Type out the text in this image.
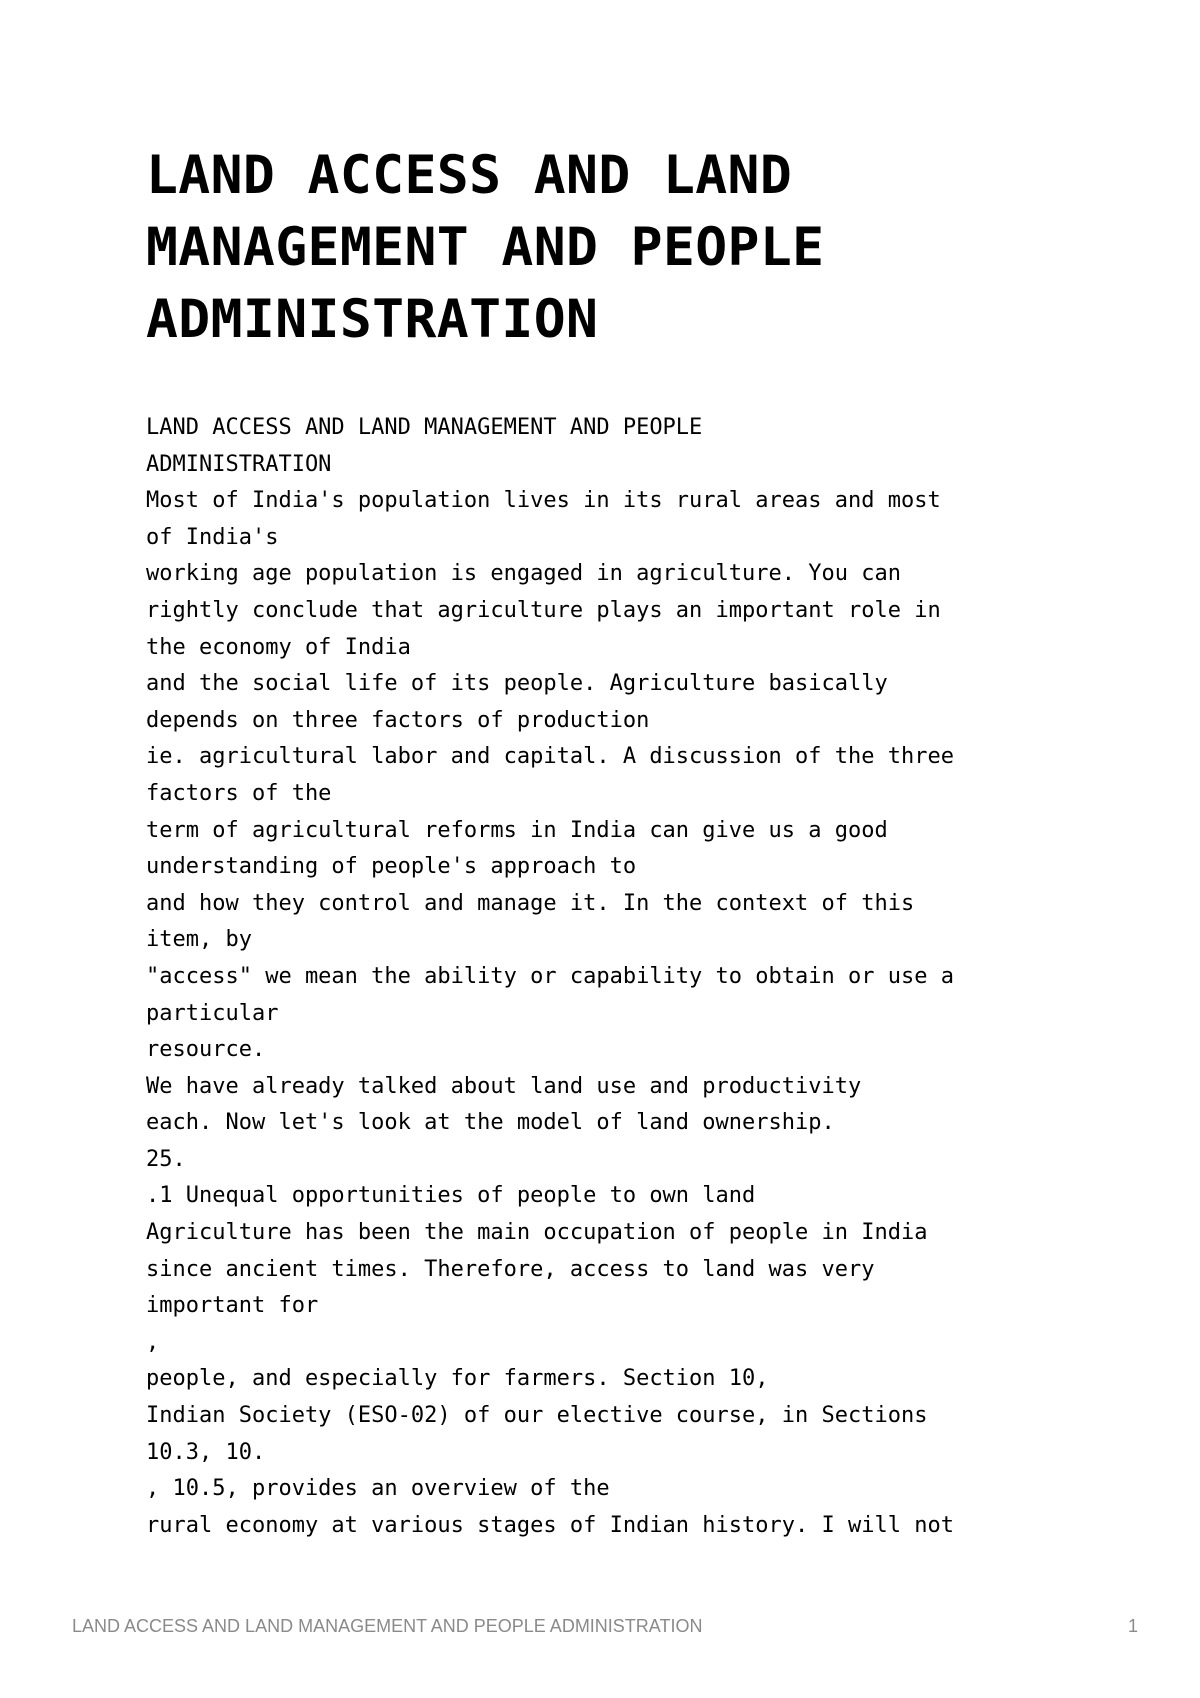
LAND ACCESS AND LAND
MANAGEMENT AND PEOPLE
ADMINISTRATION
LAND ACCESS AND LAND MANAGEMENT AND PEOPLE
ADMINISTRATION
Most of India's population lives in its rural areas and most
of India's
working age population is engaged in agriculture. You can
rightly conclude that agriculture plays an important role in
the economy of India
and the social life of its people. Agriculture basically
depends on three factors of production
ie. agricultural labor and capital. A discussion of the three
factors of the
term of agricultural reforms in India can give us a good
understanding of people's approach to
and how they control and manage it. In the context of this
item, by
"access" we mean the ability or capability to obtain or use a
particular
resource.
We have already talked about land use and productivity
each. Now let's look at the model of land ownership.
25.
.1 Unequal opportunities of people to own land
Agriculture has been the main occupation of people in India
since ancient times. Therefore, access to land was very
important for
,
people, and especially for farmers. Section 10,
Indian Society (ESO-02) of our elective course, in Sections
10.3, 10.
, 10.5, provides an overview of the
rural economy at various stages of Indian history. I will not
LAND ACCESS AND LAND MANAGEMENT AND PEOPLE ADMINISTRATION	1
